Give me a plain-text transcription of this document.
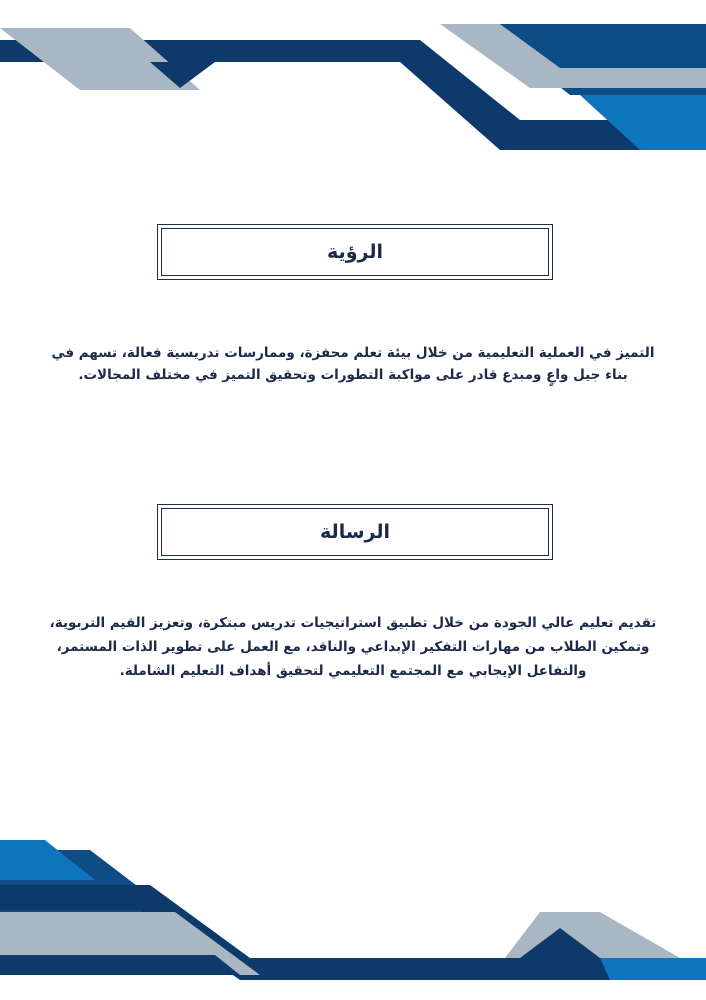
الرؤية
التميز في العملية التعليمية من خلال بيئة تعلم محفزة، وممارسات تدريسية فعالة، تسهم في بناء جيل واعٍ ومبدع قادر على مواكبة التطورات وتحقيق التميز في مختلف المجالات.
الرسالة
تقديم تعليم عالي الجودة من خلال تطبيق استراتيجيات تدريس مبتكرة، وتعزيز القيم التربوية، وتمكين الطلاب من مهارات التفكير الإبداعي والناقد، مع العمل على تطوير الذات المستمر، والتفاعل الإيجابي مع المجتمع التعليمي لتحقيق أهداف التعليم الشاملة.
